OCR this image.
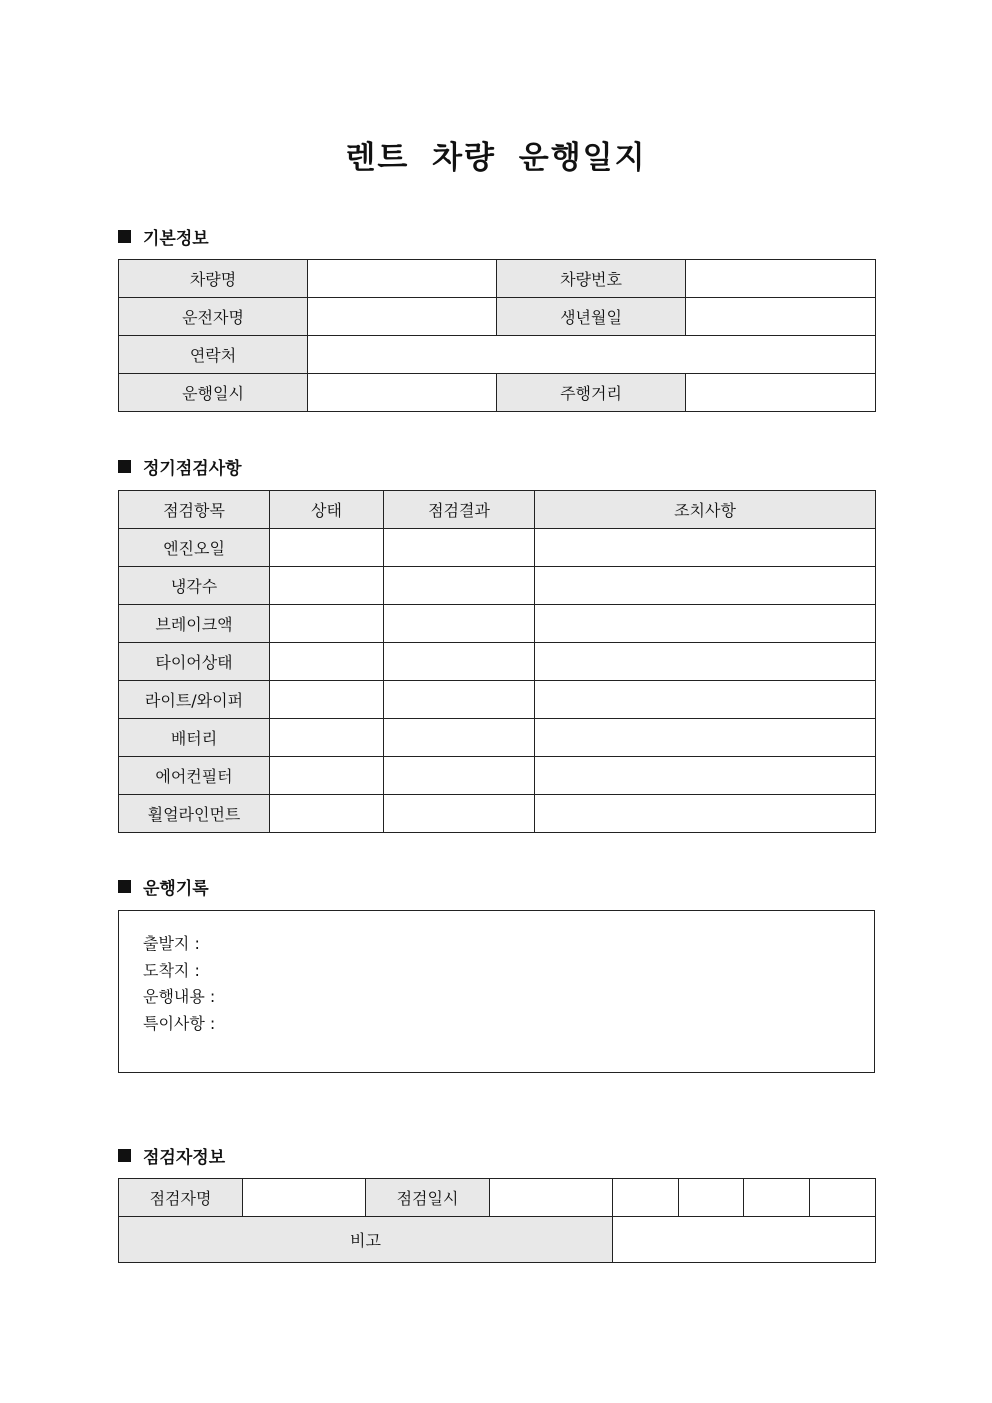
렌트 차량 운행일지
기본정보
차량명		차량번호	
운전자명		생년월일	
연락처			
운행일시		주행거리	
정기점검사항
점검항목	상태	점검결과	조치사항
엔진오일			
냉각수			
브레이크액			
타이어상태			
라이트/와이퍼			
배터리			
에어컨필터			
휠얼라인먼트			
운행기록
출발지 :
도착지 :
운행내용 :
특이사항 :
점검자정보
점검자명		점검일시					
비고							
